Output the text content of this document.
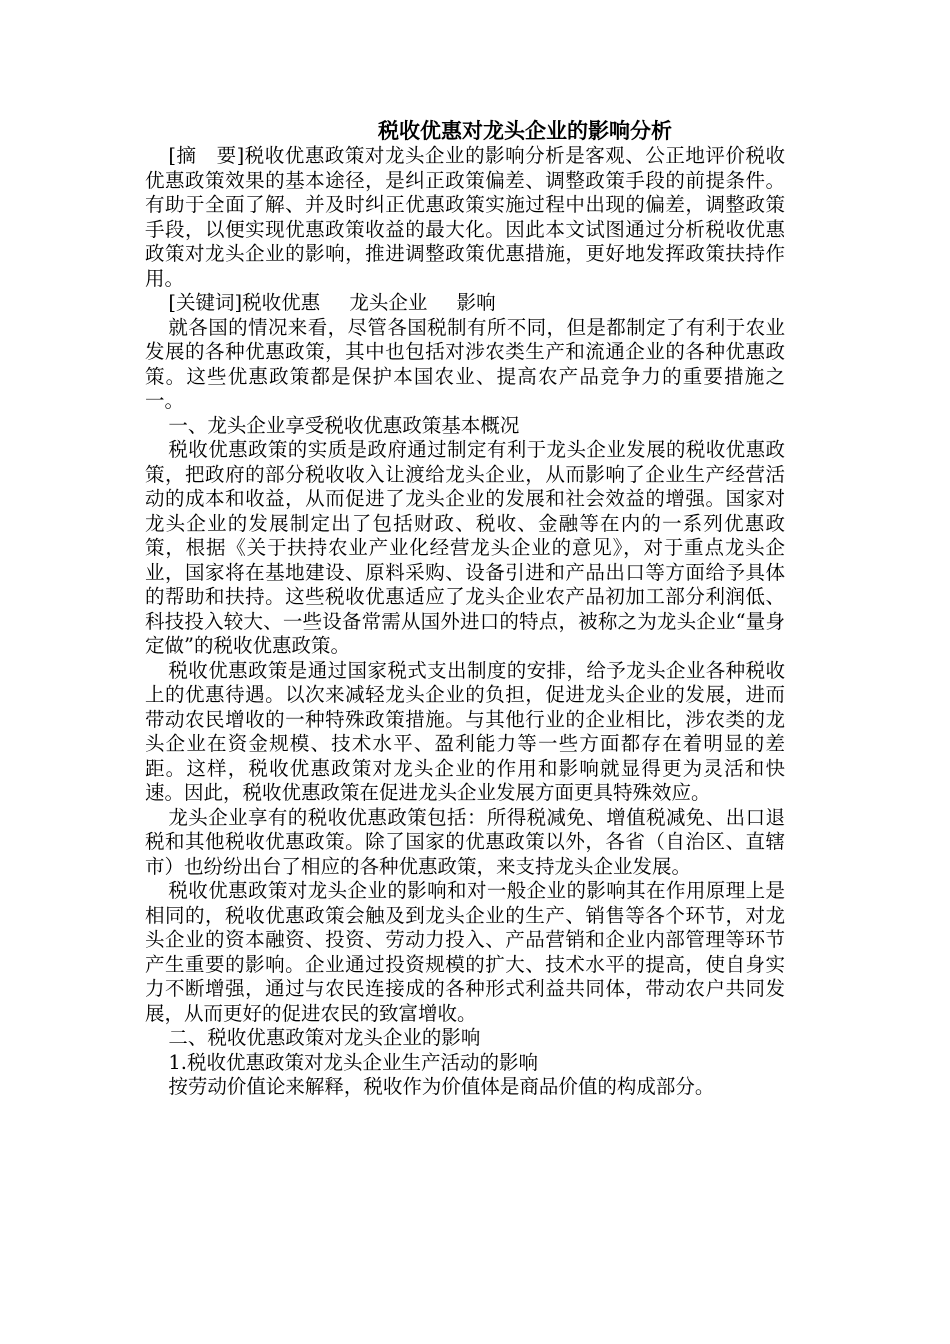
税收优惠对龙头企业的影响分析

[摘　要]税收优惠政策对龙头企业的影响分析是客观、公正地评价税收优惠政策效果的基本途径，是纠正政策偏差、调整政策手段的前提条件。有助于全面了解、并及时纠正优惠政策实施过程中出现的偏差，调整政策手段，以便实现优惠政策收益的最大化。因此本文试图通过分析税收优惠政策对龙头企业的影响，推进调整政策优惠措施，更好地发挥政策扶持作用。

[关键词]税收优惠 龙头企业 影响

就各国的情况来看，尽管各国税制有所不同，但是都制定了有利于农业发展的各种优惠政策，其中也包括对涉农类生产和流通企业的各种优惠政策。这些优惠政策都是保护本国农业、提高农产品竞争力的重要措施之一。

一、龙头企业享受税收优惠政策基本概况

税收优惠政策的实质是政府通过制定有利于龙头企业发展的税收优惠政策，把政府的部分税收收入让渡给龙头企业，从而影响了企业生产经营活动的成本和收益，从而促进了龙头企业的发展和社会效益的增强。国家对龙头企业的发展制定出了包括财政、税收、金融等在内的一系列优惠政策，根据《关于扶持农业产业化经营龙头企业的意见》，对于重点龙头企业，国家将在基地建设、原料采购、设备引进和产品出口等方面给予具体的帮助和扶持。这些税收优惠适应了龙头企业农产品初加工部分利润低、科技投入较大、一些设备常需从国外进口的特点，被称之为龙头企业“量身定做”的税收优惠政策。

税收优惠政策是通过国家税式支出制度的安排，给予龙头企业各种税收上的优惠待遇。以次来减轻龙头企业的负担，促进龙头企业的发展，进而带动农民增收的一种特殊政策措施。与其他行业的企业相比，涉农类的龙头企业在资金规模、技术水平、盈利能力等一些方面都存在着明显的差距。这样，税收优惠政策对龙头企业的作用和影响就显得更为灵活和快速。因此，税收优惠政策在促进龙头企业发展方面更具特殊效应。

龙头企业享有的税收优惠政策包括：所得税减免、增值税减免、出口退税和其他税收优惠政策。除了国家的优惠政策以外，各省（自治区、直辖市）也纷纷出台了相应的各种优惠政策，来支持龙头企业发展。

税收优惠政策对龙头企业的影响和对一般企业的影响其在作用原理上是相同的，税收优惠政策会触及到龙头企业的生产、销售等各个环节，对龙头企业的资本融资、投资、劳动力投入、产品营销和企业内部管理等环节产生重要的影响。企业通过投资规模的扩大、技术水平的提高，使自身实力不断增强，通过与农民连接成的各种形式利益共同体，带动农户共同发展，从而更好的促进农民的致富增收。

二、税收优惠政策对龙头企业的影响

1.税收优惠政策对龙头企业生产活动的影响

按劳动价值论来解释，税收作为价值体是商品价值的构成部分。
